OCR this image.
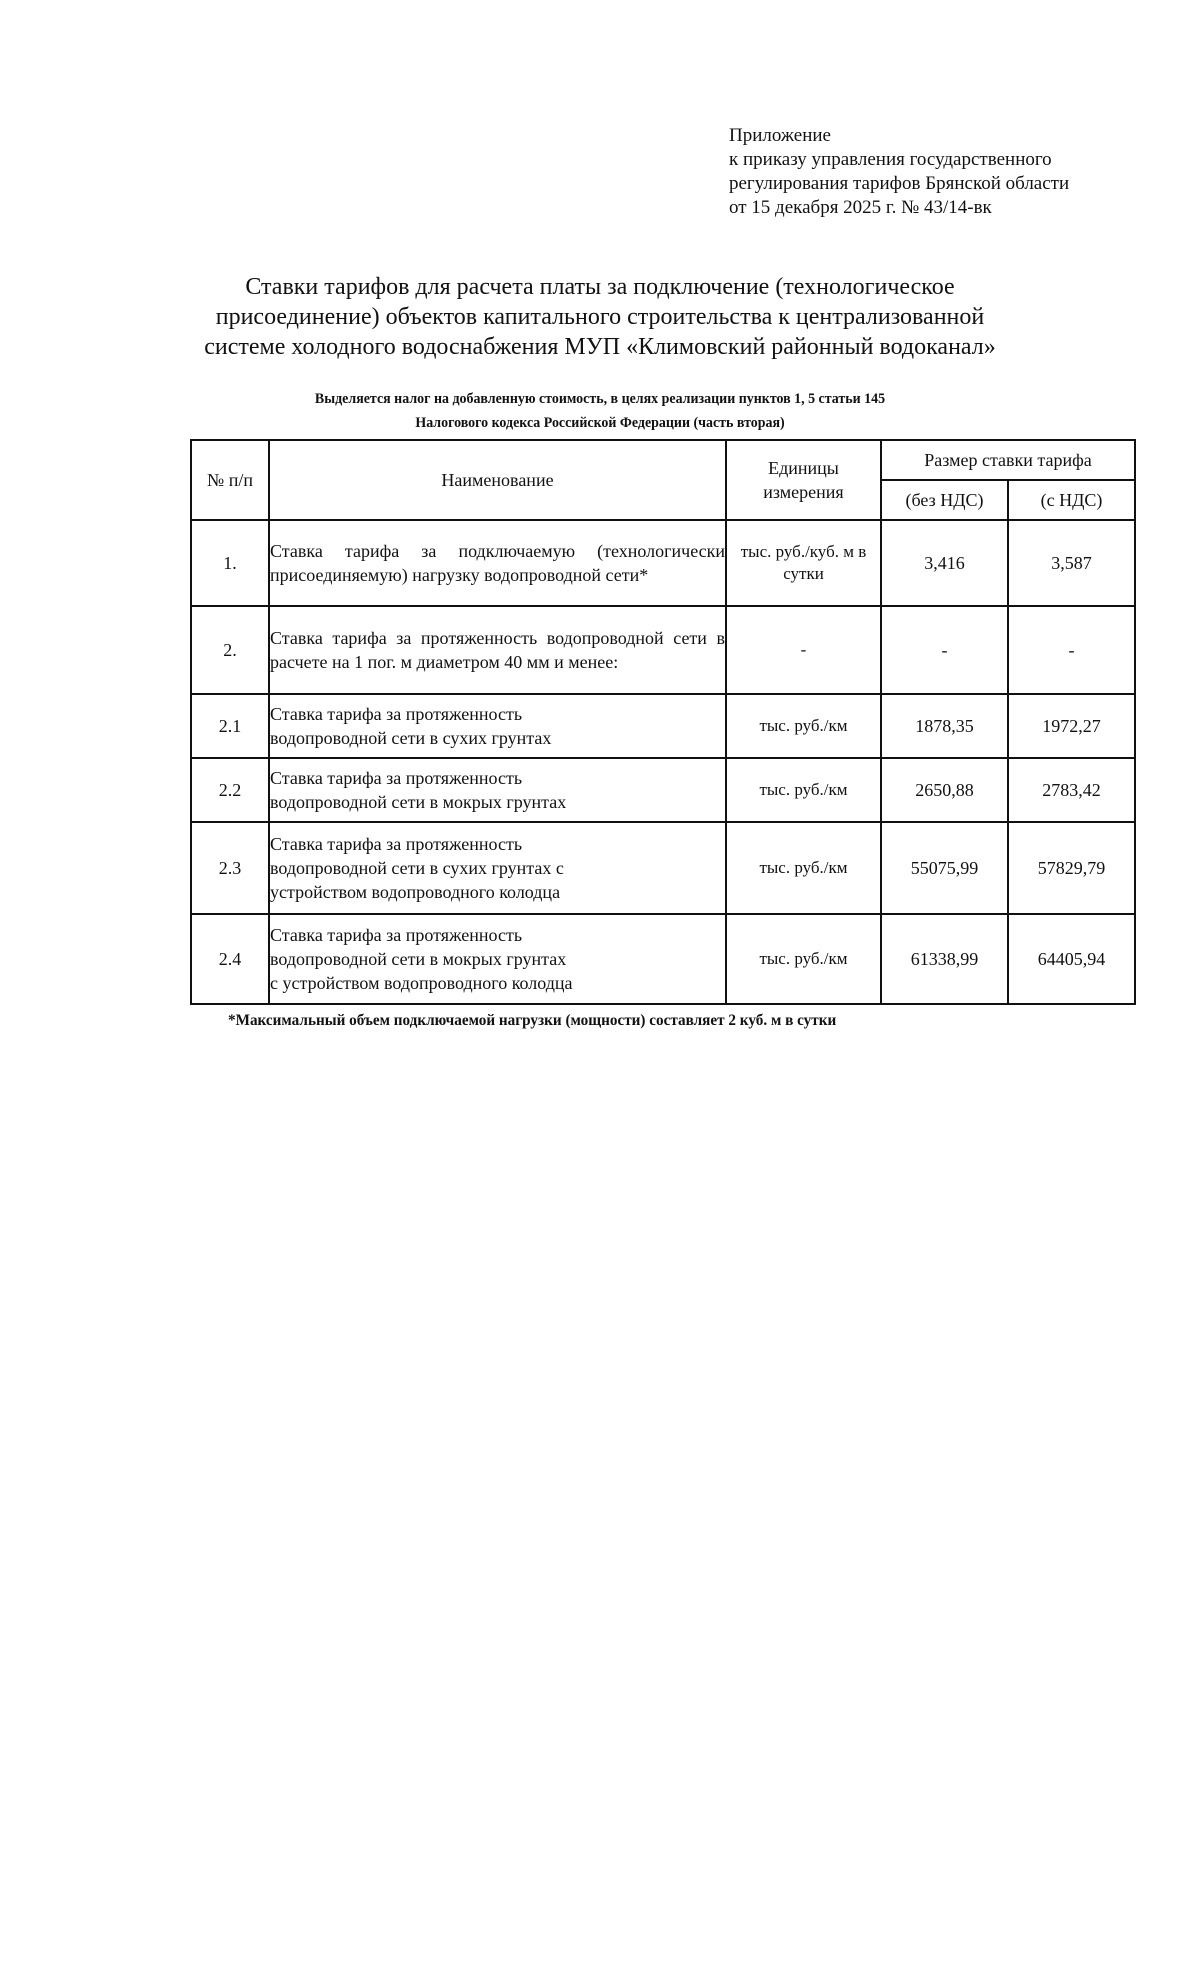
Приложение
к приказу управления государственного
регулирования тарифов Брянской области
от 15 декабря 2025 г. № 43/14-вк
Ставки тарифов для расчета платы за подключение (технологическое
присоединение) объектов капитального строительства к централизованной
системе холодного водоснабжения МУП «Климовский районный водоканал»
Выделяется налог на добавленную стоимость, в целях реализации пунктов 1, 5 статьи 145
Налогового кодекса Российской Федерации (часть вторая)
№ п/п	Наименование	Единицы измерения	Размер ставки тарифа	
			(без НДС)	(с НДС)
1.	Ставка тарифа за подключаемую (технологически присоединяемую) нагрузку водопроводной сети*	тыс. руб./куб. м в сутки	3,416	3,587
2.	Ставка тарифа за протяженность водопроводной сети в расчете на 1 пог. м диаметром 40 мм и менее:	-	-	-
2.1	Ставка тарифа за протяженность водопроводной сети в сухих грунтах	тыс. руб./км	1878,35	1972,27
2.2	Ставка тарифа за протяженность водопроводной сети в мокрых грунтах	тыс. руб./км	2650,88	2783,42
2.3	Ставка тарифа за протяженность водопроводной сети в сухих грунтах с устройством водопроводного колодца	тыс. руб./км	55075,99	57829,79
2.4	Ставка тарифа за протяженность водопроводной сети в мокрых грунтах с устройством водопроводного колодца	тыс. руб./км	61338,99	64405,94
*Максимальный объем подключаемой нагрузки (мощности) составляет 2 куб. м в сутки
